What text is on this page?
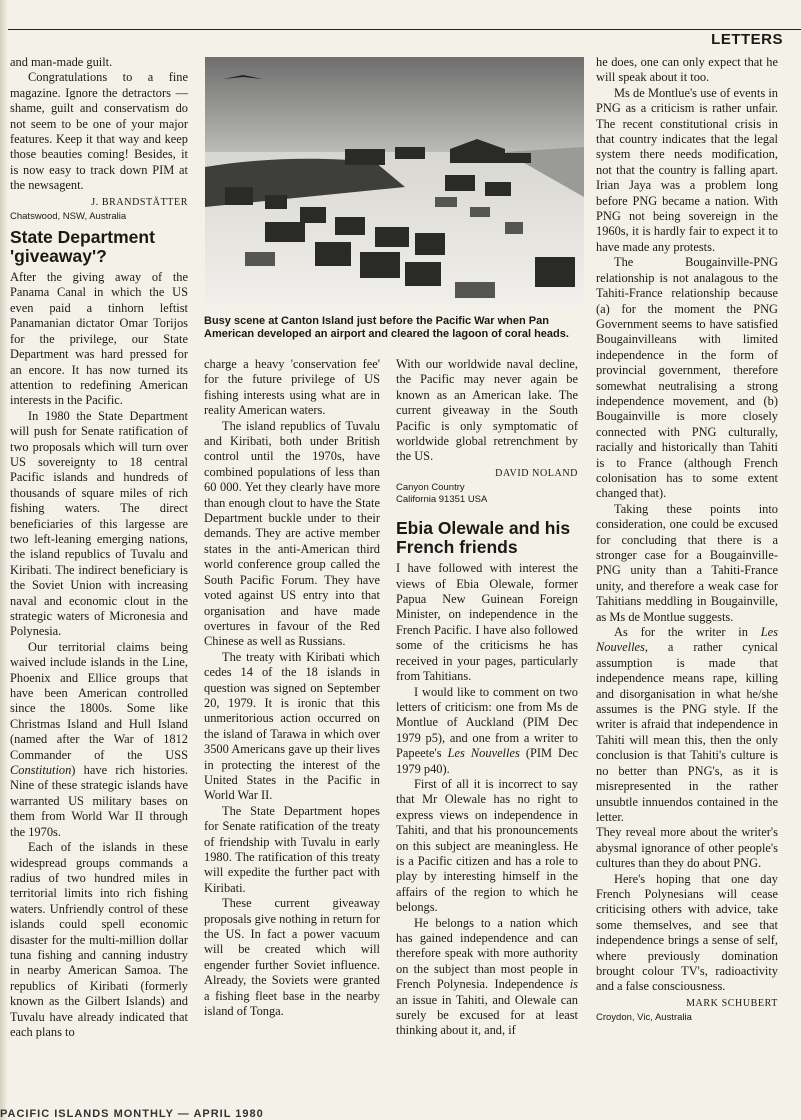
LETTERS

and man-made guilt.

Congratulations to a fine magazine. Ignore the detractors — shame, guilt and conservatism do not seem to be one of your major features. Keep it that way and keep those beauties coming! Besides, it is now easy to track down PIM at the newsagent.

J. BRANDSTÄTTER
Chatswood, NSW, Australia
State Department 'giveaway'?

After the giving away of the Panama Canal in which the US even paid a tinhorn leftist Panamanian dictator Omar Torijos for the privilege, our State Department was hard pressed for an encore. It has now turned its attention to redefining American interests in the Pacific.

In 1980 the State Department will push for Senate ratification of two proposals which will turn over US sovereignty to 18 central Pacific islands and hundreds of thousands of square miles of rich fishing waters. The direct beneficiaries of this largesse are two left-leaning emerging nations, the island republics of Tuvalu and Kiribati. The indirect beneficiary is the Soviet Union with increasing naval and economic clout in the strategic waters of Micronesia and Polynesia.

Our territorial claims being waived include islands in the Line, Phoenix and Ellice groups that have been American controlled since the 1800s. Some like Christmas Island and Hull Island (named after the War of 1812 Commander of the USS Constitution) have rich histories. Nine of these strategic islands have warranted US military bases on them from World War II through the 1970s.

Each of the islands in these widespread groups commands a radius of two hundred miles in territorial limits into rich fishing waters. Unfriendly control of these islands could spell economic disaster for the multi-million dollar tuna fishing and canning industry in nearby American Samoa. The republics of Kiribati (formerly known as the Gilbert Islands) and Tuvalu have already indicated that each plans to

Busy scene at Canton Island just before the Pacific War when Pan American developed an airport and cleared the lagoon of coral heads.

charge a heavy 'conservation fee' for the future privilege of US fishing interests using what are in reality American waters.

The island republics of Tuvalu and Kiribati, both under British control until the 1970s, have combined populations of less than 60 000. Yet they clearly have more than enough clout to have the State Department buckle under to their demands. They are active member states in the anti-American third world conference group called the South Pacific Forum. They have voted against US entry into that organisation and have made overtures in favour of the Red Chinese as well as Russians.

The treaty with Kiribati which cedes 14 of the 18 islands in question was signed on September 20, 1979. It is ironic that this unmeritorious action occurred on the island of Tarawa in which over 3500 Americans gave up their lives in protecting the interest of the United States in the Pacific in World War II.

The State Department hopes for Senate ratification of the treaty of friendship with Tuvalu in early 1980. The ratification of this treaty will expedite the further pact with Kiribati.

These current giveaway proposals give nothing in return for the US. In fact a power vacuum will be created which will engender further Soviet influence. Already, the Soviets were granted a fishing fleet base in the nearby island of Tonga.

With our worldwide naval decline, the Pacific may never again be known as an American lake. The current giveaway in the South Pacific is only symptomatic of worldwide global retrenchment by the US.

DAVID NOLAND
Canyon Country
California 91351 USA
Ebia Olewale and his French friends

I have followed with interest the views of Ebia Olewale, former Papua New Guinean Foreign Minister, on independence in the French Pacific. I have also followed some of the criticisms he has received in your pages, particularly from Tahitians.

I would like to comment on two letters of criticism: one from Ms de Montlue of Auckland (PIM Dec 1979 p5), and one from a writer to Papeete's Les Nouvelles (PIM Dec 1979 p40).

First of all it is incorrect to say that Mr Olewale has no right to express views on independence in Tahiti, and that his pronouncements on this subject are meaningless. He is a Pacific citizen and has a role to play by interesting himself in the affairs of the region to which he belongs.

He belongs to a nation which has gained independence and can therefore speak with more authority on the subject than most people in French Polynesia. Independence is an issue in Tahiti, and Olewale can surely be excused for at least thinking about it, and, if

he does, one can only expect that he will speak about it too.

Ms de Montlue's use of events in PNG as a criticism is rather unfair. The recent constitutional crisis in that country indicates that the legal system there needs modification, not that the country is falling apart. Irian Jaya was a problem long before PNG became a nation. With PNG not being sovereign in the 1960s, it is hardly fair to expect it to have made any protests.

The Bougainville-PNG relationship is not analagous to the Tahiti-France relationship because (a) for the moment the PNG Government seems to have satisfied Bougainvilleans with limited independence in the form of provincial government, therefore somewhat neutralising a strong independence movement, and (b) Bougainville is more closely connected with PNG culturally, racially and historically than Tahiti is to France (although French colonisation has to some extent changed that).

Taking these points into consideration, one could be excused for concluding that there is a stronger case for a Bougainville-PNG unity than a Tahiti-France unity, and therefore a weak case for Tahitians meddling in Bougainville, as Ms de Montlue suggests.

As for the writer in Les Nouvelles, a rather cynical assumption is made that independence means rape, killing and disorganisation in what he/she assumes is the PNG style. If the writer is afraid that independence in Tahiti will mean this, then the only conclusion is that Tahiti's culture is no better than PNG's, as it is misrepresented in the rather unsubtle innuendos contained in the letter.

They reveal more about the writer's abysmal ignorance of other people's cultures than they do about PNG.

Here's hoping that one day French Polynesians will cease criticising others with advice, take some themselves, and see that independence brings a sense of self, where previously domination brought colour TV's, radioactivity and a false consciousness.

MARK SCHUBERT
Croydon, Vic, Australia
PACIFIC ISLANDS MONTHLY — APRIL 1980
